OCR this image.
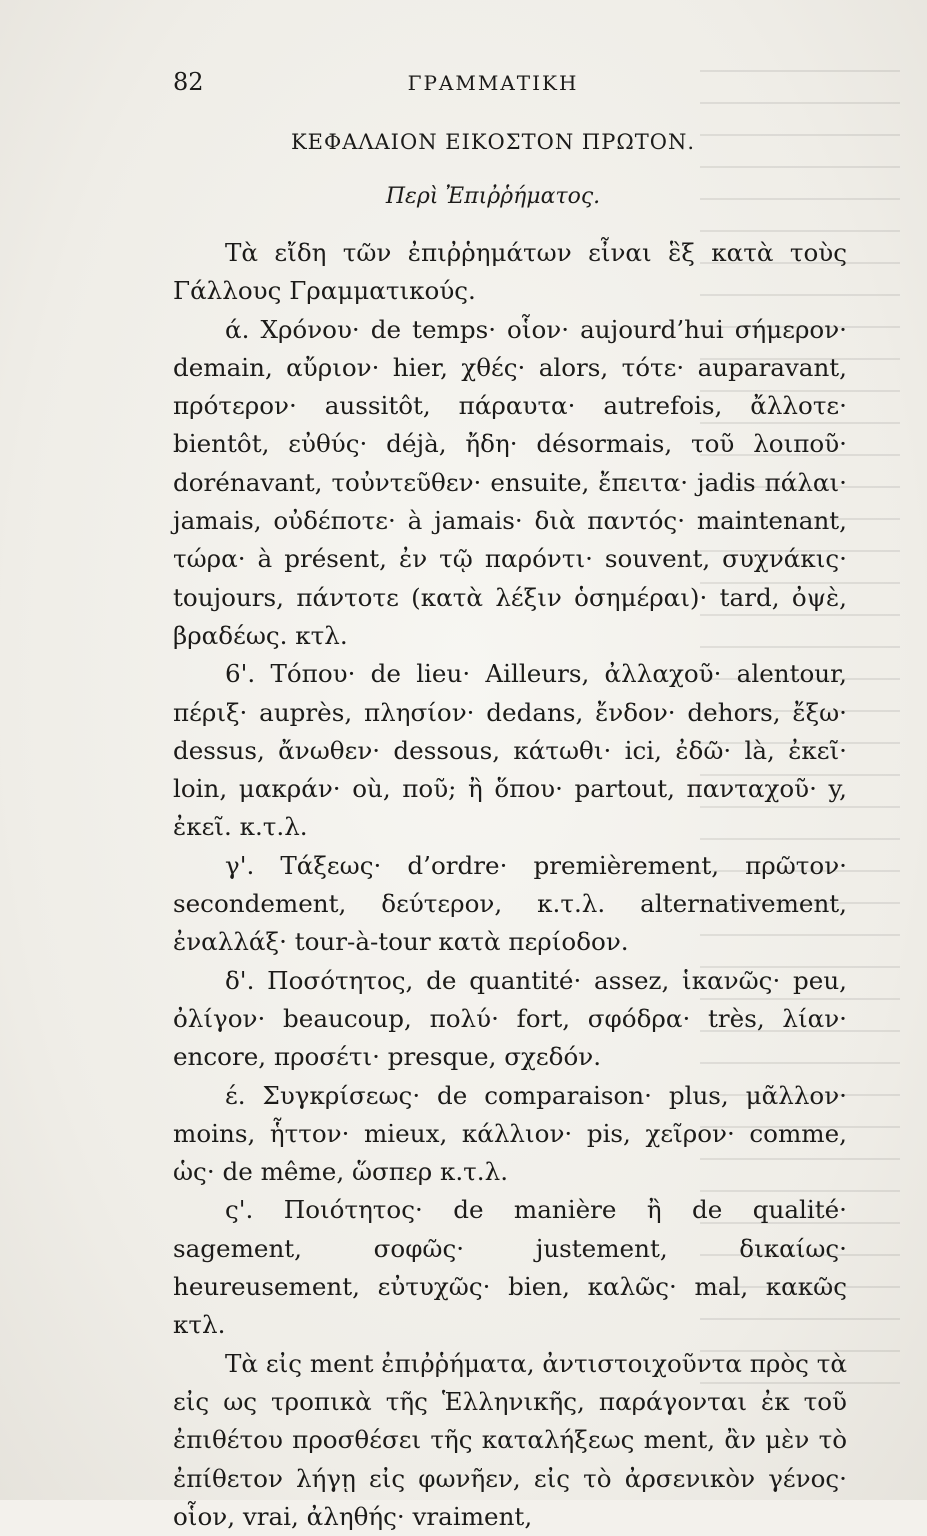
82	ΓΡΑΜΜΑΤΙΚΗ
ΚΕΦΑΛΑΙΟΝ ΕΙΚΟΣΤΟΝ ΠΡΩΤΟΝ.
Περὶ Ἐπιῤῥήματος.

Τὰ εἴδη τῶν ἐπιῤῥημάτων εἶναι ἓξ κατὰ τοὺς Γάλλους Γραμματικούς.

ά. Χρόνου· de temps· οἷον· aujourd’hui σήμερον· demain, αὔριον· hier, χθές· alors, τότε· auparavant, πρότερον· aussitôt, πάραυτα· autrefois, ἄλλοτε· bientôt, εὐθύς· déjà, ἤδη· désormais, τοῦ λοιποῦ· dorénavant, τοὐντεῦθεν· ensuite, ἔπειτα· jadis πάλαι· jamais, οὐδέποτε· à jamais· διὰ παντός· maintenant, τώρα· à présent, ἐν τῷ παρόντι· souvent, συχνάκις· toujours, πάντοτε (κατὰ λέξιν ὁσημέραι)· tard, ὀψὲ, βραδέως. κτλ.

6'. Τόπου· de lieu· Ailleurs, ἀλλαχοῦ· alentour, πέριξ· auprès, πλησίον· dedans, ἔνδον· dehors, ἔξω· dessus, ἄνωθεν· dessous, κάτωθι· ici, ἐδῶ· là, ἐκεῖ· loin, μακράν· où, ποῦ; ἢ ὅπου· partout, πανταχοῦ· y, ἐκεῖ. κ.τ.λ.

γ'. Τάξεως· d’ordre· premièrement, πρῶτον· secondement, δεύτερον, κ.τ.λ. alternativement, ἐναλλάξ· tour-à-tour κατὰ περίοδον.

δ'. Ποσότητος, de quantité· assez, ἱκανῶς· peu, ὀλίγον· beaucoup, πολύ· fort, σφόδρα· très, λίαν· encore, προσέτι· presque, σχεδόν.

έ. Συγκρίσεως· de comparaison· plus, μᾶλλον· moins, ἧττον· mieux, κάλλιον· pis, χεῖρον· comme, ὡς· de même, ὥσπερ κ.τ.λ.

ς'. Ποιότητος· de manière ἢ de qualité· sagement, σοφῶς· justement, δικαίως· heureusement, εὐτυχῶς· bien, καλῶς· mal, κακῶς κτλ.

Τὰ εἰς ment ἐπιῤῥήματα, ἀντιστοιχοῦντα πρὸς τὰ εἰς ως τροπικὰ τῆς Ἑλληνικῆς, παράγονται ἐκ τοῦ ἐπιθέτου προσθέσει τῆς καταλήξεως ment, ἂν μὲν τὸ ἐπίθετον λήγῃ εἰς φωνῆεν, εἰς τὸ ἀρσενικὸν γένος· οἷον, vrai, ἀληθής· vraiment,
